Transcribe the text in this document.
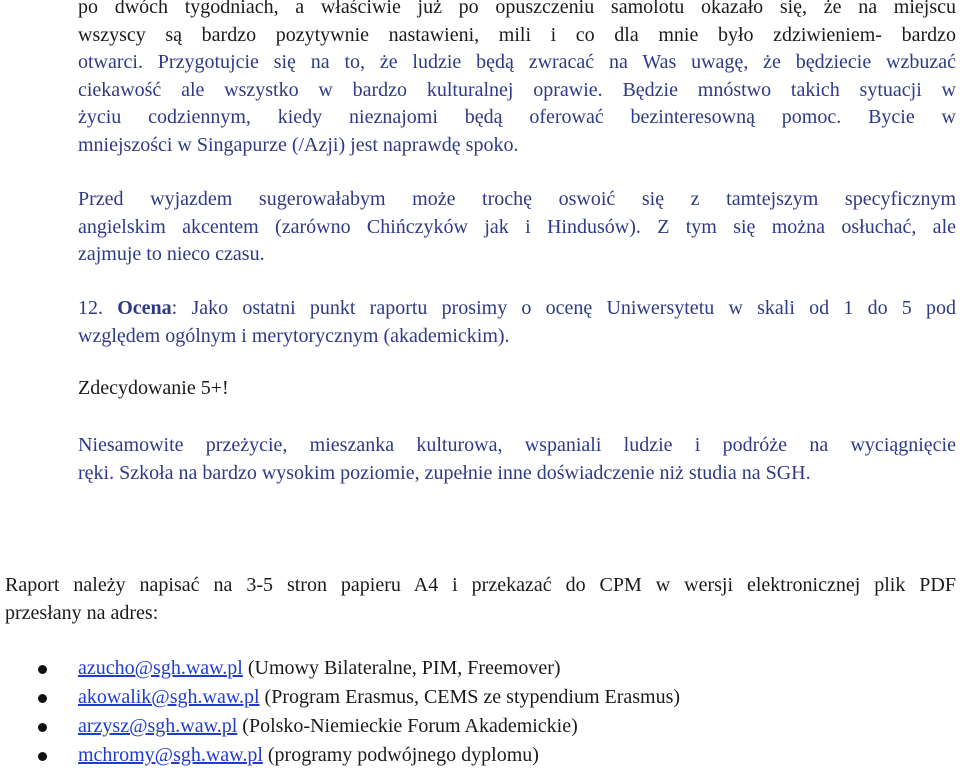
po dwóch tygodniach, a właściwie już po opuszczeniu samolotu okazało się, że na miejscu
wszyscy są bardzo pozytywnie nastawieni, mili i co dla mnie było zdziwieniem- bardzo
otwarci. Przygotujcie się na to, że ludzie będą zwracać na Was uwagę, że będziecie wzbuzać
ciekawość ale wszystko w bardzo kulturalnej oprawie. Będzie mnóstwo takich sytuacji w
życiu codziennym, kiedy nieznajomi będą oferować bezinteresowną pomoc. Bycie w
mniejszości w Singapurze (/Azji) jest naprawdę spoko.
Przed wyjazdem sugerowałabym może trochę oswoić się z tamtejszym specyficznym
angielskim akcentem (zarówno Chińczyków jak i Hindusów). Z tym się można osłuchać, ale
zajmuje to nieco czasu.
12. Ocena: Jako ostatni punkt raportu prosimy o ocenę Uniwersytetu w skali od 1 do 5 pod
względem ogólnym i merytorycznym (akademickim).
Zdecydowanie 5+!
Niesamowite przeżycie, mieszanka kulturowa, wspaniali ludzie i podróże na wyciągnięcie
ręki. Szkoła na bardzo wysokim poziomie, zupełnie inne doświadczenie niż studia na SGH.
Raport należy napisać na 3-5 stron papieru A4 i przekazać do CPM w wersji elektronicznej plik PDF
przesłany na adres:
azucho@sgh.waw.pl (Umowy Bilateralne, PIM, Freemover)
akowalik@sgh.waw.pl (Program Erasmus, CEMS ze stypendium Erasmus)
arzysz@sgh.waw.pl (Polsko-Niemieckie Forum Akademickie)
mchromy@sgh.waw.pl (programy podwójnego dyplomu)
